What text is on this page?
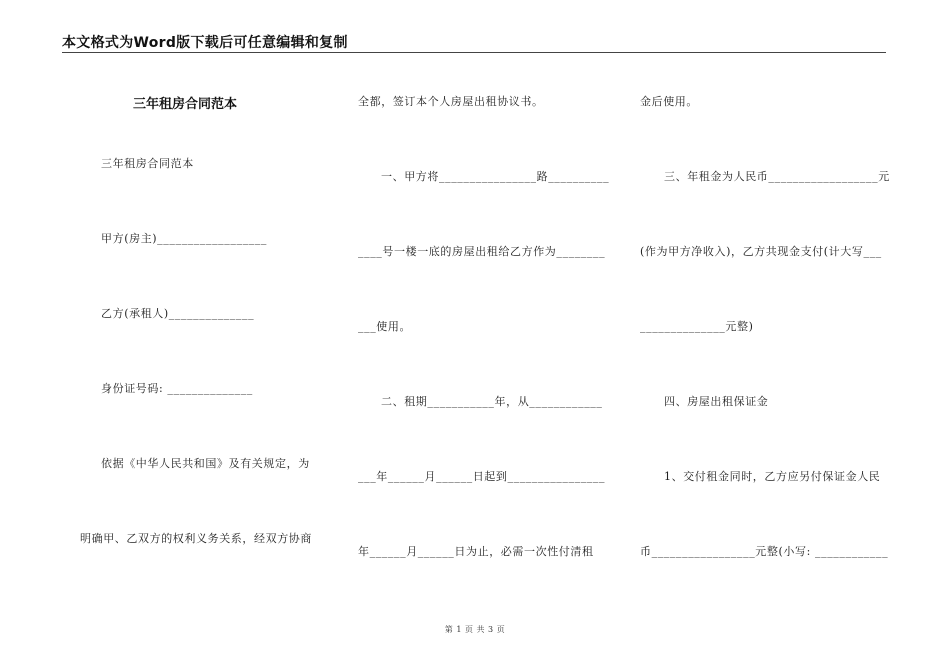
本文格式为Word版下载后可任意编辑和复制
三年租房合同范本
三年租房合同范本
甲方(房主)__________________
乙方(承租人)______________
身份证号码: ______________
依据《中华人民共和国》及有关规定，为
明确甲、乙双方的权利义务关系，经双方协商
全都，签订本个人房屋出租协议书。
一、甲方将________________路__________
____号一楼一底的房屋出租给乙方作为________
___使用。
二、租期___________年，从____________
___年______月______日起到________________
年______月______日为止，必需一次性付清租
金后使用。
三、年租金为人民币__________________元
(作为甲方净收入)，乙方共现金支付(计大写___
______________元整)
四、房屋出租保证金
1、交付租金同时，乙方应另付保证金人民
币_________________元整(小写: ____________
第 1 页 共 3 页
